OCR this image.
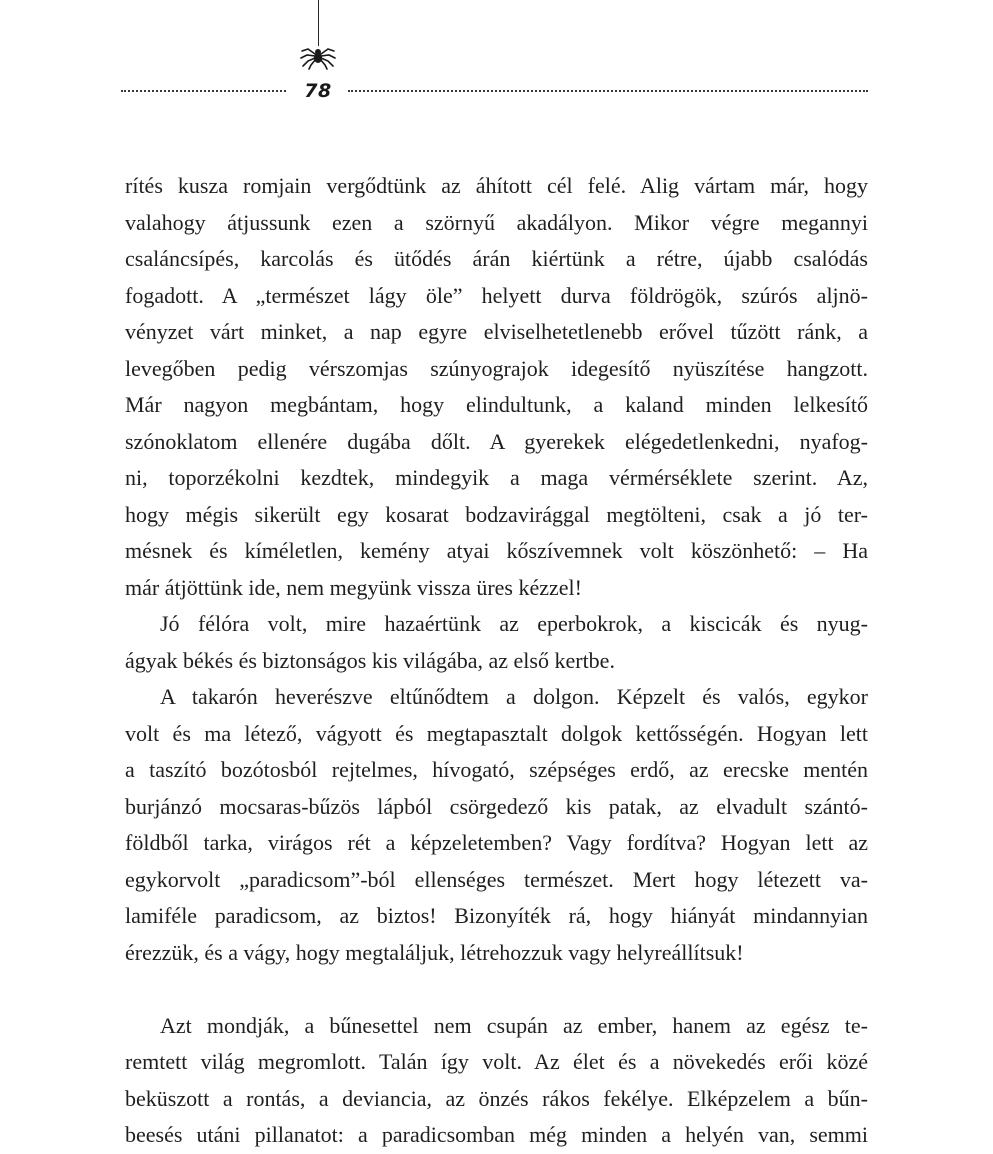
78

rítés kusza romjain vergődtünk az áhított cél felé. Alig vártam már, hogy

valahogy átjussunk ezen a szörnyű akadályon. Mikor végre megannyi

csaláncsípés, karcolás és ütődés árán kiértünk a rétre, újabb csalódás

fogadott. A „természet lágy öle” helyett durva földrögök, szúrós aljnö-

vényzet várt minket, a nap egyre elviselhetetlenebb erővel tűzött ránk, a

levegőben pedig vérszomjas szúnyograjok idegesítő nyüszítése hangzott.

Már nagyon megbántam, hogy elindultunk, a kaland minden lelkesítő

szónoklatom ellenére dugába dőlt. A gyerekek elégedetlenkedni, nyafog-

ni, toporzékolni kezdtek, mindegyik a maga vérmérséklete szerint. Az,

hogy mégis sikerült egy kosarat bodzavirággal megtölteni, csak a jó ter-

mésnek és kíméletlen, kemény atyai kőszívemnek volt köszönhető: – Ha

már átjöttünk ide, nem megyünk vissza üres kézzel!

Jó félóra volt, mire hazaértünk az eperbokrok, a kiscicák és nyug-

ágyak békés és biztonságos kis világába, az első kertbe.

A takarón heverészve eltűnődtem a dolgon. Képzelt és valós, egykor

volt és ma létező, vágyott és megtapasztalt dolgok kettősségén. Hogyan lett

a taszító bozótosból rejtelmes, hívogató, szépséges erdő, az erecske mentén

burjánzó mocsaras-bűzös lápból csörgedező kis patak, az elvadult szántó-

földből tarka, virágos rét a képzeletemben? Vagy fordítva? Hogyan lett az

egykorvolt „paradicsom”-ból ellenséges természet. Mert hogy létezett va-

lamiféle paradicsom, az biztos! Bizonyíték rá, hogy hiányát mindannyian

érezzük, és a vágy, hogy megtaláljuk, létrehozzuk vagy helyreállítsuk!

Azt mondják, a bűnesettel nem csupán az ember, hanem az egész te-

remtett világ megromlott. Talán így volt. Az élet és a növekedés erői közé

beküszott a rontás, a deviancia, az önzés rákos fekélye. Elképzelem a bűn-

beesés utáni pillanatot: a paradicsomban még minden a helyén van, semmi
